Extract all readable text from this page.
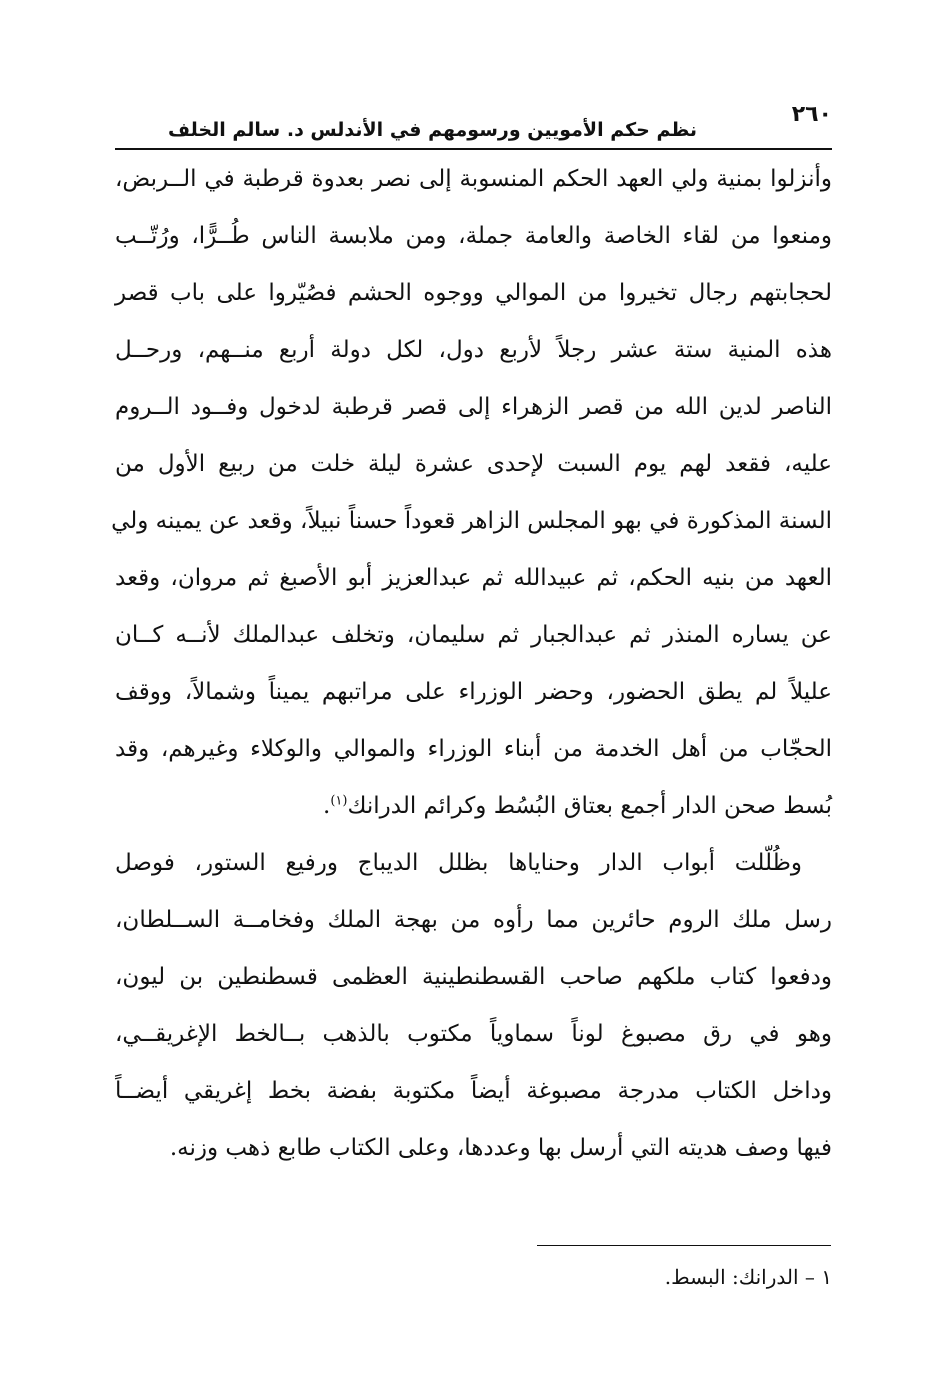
٢٦٠
نظم حكم الأمويين ورسومهم في الأندلس د. سالم الخلف

وأنزلوا بمنية ولي العهد الحكم المنسوبة إلى نصر بعدوة قرطبة في الــربض،
ومنعوا من لقاء الخاصة والعامة جملة، ومن ملابسة الناس طُــرًّا، ورُتّــب
لحجابتهم رجال تخيروا من الموالي ووجوه الحشم فصُيّروا على باب قصر
هذه المنية ستة عشر رجلاً لأربع دول، لكل دولة أربع منــهم، ورحــل
الناصر لدين الله من قصر الزهراء إلى قصر قرطبة لدخول وفــود الــروم
عليه، فقعد لهم يوم السبت لإحدى عشرة ليلة خلت من ربيع الأول من
السنة المذكورة في بهو المجلس الزاهر قعوداً حسناً نبيلاً، وقعد عن يمينه ولي
العهد من بنيه الحكم، ثم عبيدالله ثم عبدالعزيز أبو الأصبغ ثم مروان، وقعد
عن يساره المنذر ثم عبدالجبار ثم سليمان، وتخلف عبدالملك لأنــه كــان
عليلاً لم يطق الحضور، وحضر الوزراء على مراتبهم يميناً وشمالاً، ووقف
الحجّاب من أهل الخدمة من أبناء الوزراء والموالي والوكلاء وغيرهم، وقد
بُسط صحن الدار أجمع بعتاق البُسُط وكرائم الدرانك$^{(١)}$.

وظُلّلت أبواب الدار وحناياها بظلل الديباج ورفيع الستور، فوصل
رسل ملك الروم حائرين مما رأوه من بهجة الملك وفخامــة الســلطان،
ودفعوا كتاب ملكهم صاحب القسطنطينية العظمى قسطنطين بن ليون،
وهو في رق مصبوغ لوناً سماوياً مكتوب بالذهب بــالخط الإغريقــي،
وداخل الكتاب مدرجة مصبوغة أيضاً مكتوبة بفضة بخط إغريقي أيضــاً
فيها وصف هديته التي أرسل بها وعددها، وعلى الكتاب طابع ذهب وزنه.

١ – الدرانك: البسط.
